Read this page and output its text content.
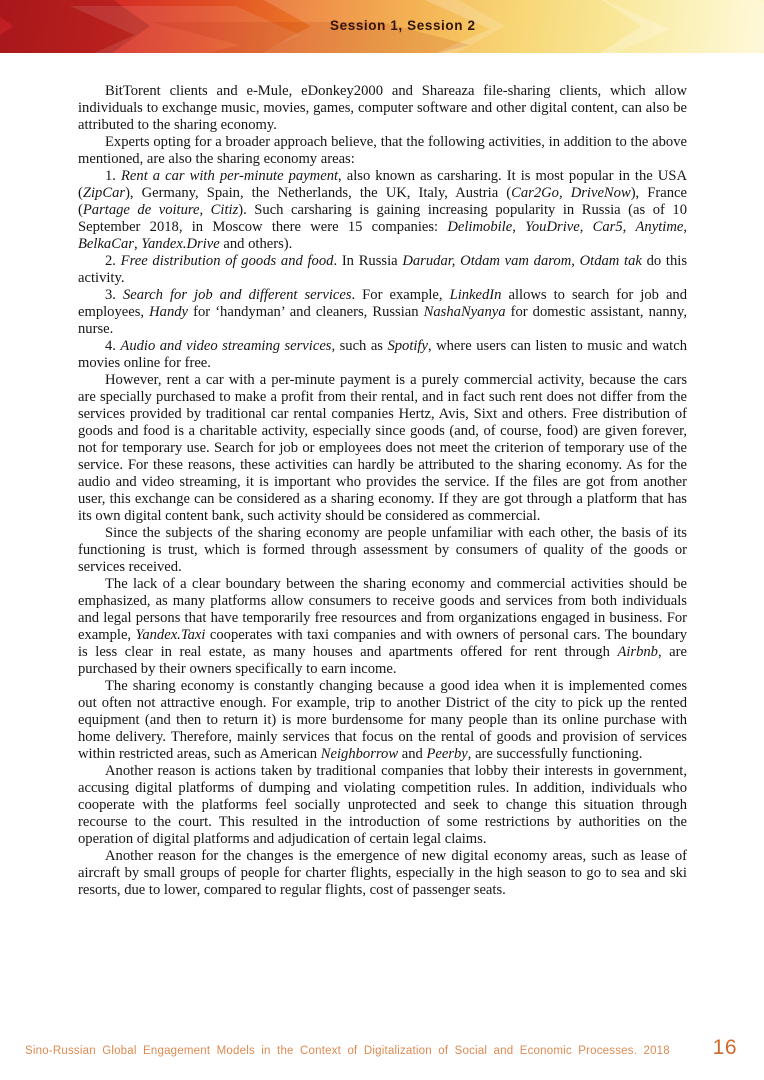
Session 1, Session 2

BitTorent clients and e-Mule, eDonkey2000 and Shareaza file-sharing clients, which allow individuals to exchange music, movies, games, computer software and other digital content, can also be attributed to the sharing economy.

Experts opting for a broader approach believe, that the following activities, in addition to the above mentioned, are also the sharing economy areas:

1. Rent a car with per-minute payment, also known as carsharing. It is most popular in the USA (ZipCar), Germany, Spain, the Netherlands, the UK, Italy, Austria (Car2Go, DriveNow), France (Partage de voiture, Citiz). Such carsharing is gaining increasing popularity in Russia (as of 10 September 2018, in Moscow there were 15 companies: Delimobile, YouDrive, Car5, Anytime, BelkaCar, Yandex.Drive and others).

2. Free distribution of goods and food. In Russia Darudar, Otdam vam darom, Otdam tak do this activity.

3. Search for job and different services. For example, LinkedIn allows to search for job and employees, Handy for ‘handyman’ and cleaners, Russian NashaNyanya for domestic assistant, nanny, nurse.

4. Audio and video streaming services, such as Spotify, where users can listen to music and watch movies online for free.

However, rent a car with a per-minute payment is a purely commercial activity, because the cars are specially purchased to make a profit from their rental, and in fact such rent does not differ from the services provided by traditional car rental companies Hertz, Avis, Sixt and others. Free distribution of goods and food is a charitable activity, especially since goods (and, of course, food) are given forever, not for temporary use. Search for job or employees does not meet the criterion of temporary use of the service. For these reasons, these activities can hardly be attributed to the sharing economy. As for the audio and video streaming, it is important who provides the service. If the files are got from another user, this exchange can be considered as a sharing economy. If they are got through a platform that has its own digital content bank, such activity should be considered as commercial.

Since the subjects of the sharing economy are people unfamiliar with each other, the basis of its functioning is trust, which is formed through assessment by consumers of quality of the goods or services received.

The lack of a clear boundary between the sharing economy and commercial activities should be emphasized, as many platforms allow consumers to receive goods and services from both individuals and legal persons that have temporarily free resources and from organizations engaged in business. For example, Yandex.Taxi cooperates with taxi companies and with owners of personal cars. The boundary is less clear in real estate, as many houses and apartments offered for rent through Airbnb, are purchased by their owners specifically to earn income.

The sharing economy is constantly changing because a good idea when it is implemented comes out often not attractive enough. For example, trip to another District of the city to pick up the rented equipment (and then to return it) is more burdensome for many people than its online purchase with home delivery. Therefore, mainly services that focus on the rental of goods and provision of services within restricted areas, such as American Neighborrow and Peerby, are successfully functioning.

Another reason is actions taken by traditional companies that lobby their interests in government, accusing digital platforms of dumping and violating competition rules. In addition, individuals who cooperate with the platforms feel socially unprotected and seek to change this situation through recourse to the court. This resulted in the introduction of some restrictions by authorities on the operation of digital platforms and adjudication of certain legal claims.

Another reason for the changes is the emergence of new digital economy areas, such as lease of aircraft by small groups of people for charter flights, especially in the high season to go to sea and ski resorts, due to lower, compared to regular flights, cost of passenger seats.

Sino-Russian Global Engagement Models in the Context of Digitalization of Social and Economic Processes. 2018 16
